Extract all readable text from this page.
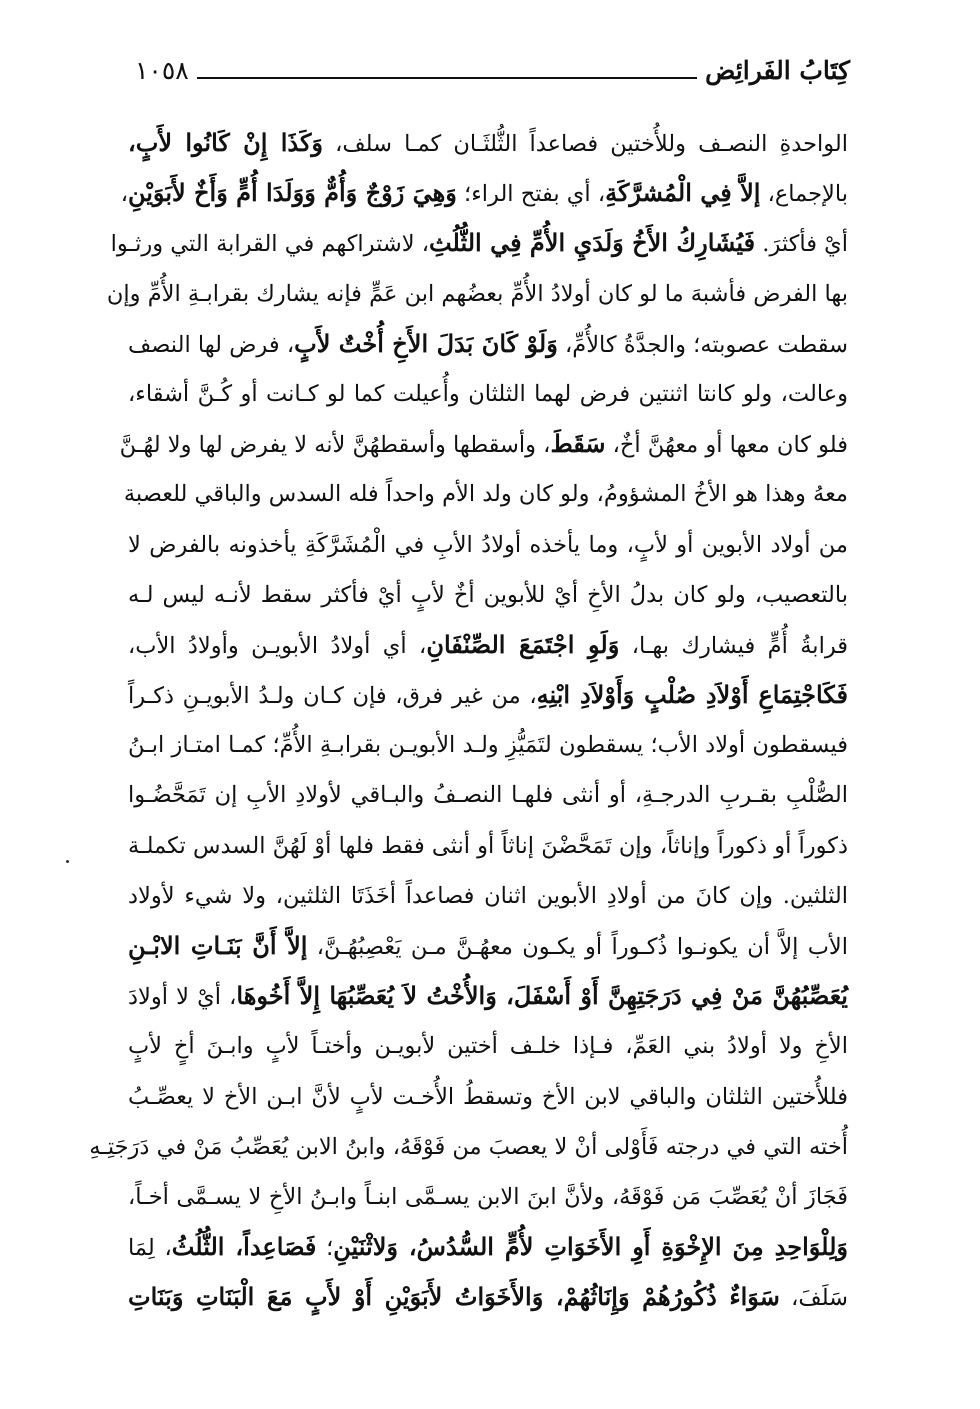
كِتَابُ الفَرائِض
١٠٥٨
الواحدةِ النصـف وللأُختين فصاعداً الثُّلثَـان كمـا سلف، وَكَذَا إِنْ كَانُوا لأَبٍ،
بالإجماع، إلاَّ فِي الْمُشرَّكَةِ، أي بفتح الراء؛ وَهِيَ زَوْجٌ وَأُمٌّ وَوَلَدَا أُمٍّ وَأَخٌ لأَبَوَيْنِ،
أيْ فأكثرَ. فَيُشَارِكُ الأَخُ وَلَدَيِ الأُمِّ فِي الثُّلُثِ، لاشتراكهم في القرابة التي ورثـوا
بها الفرض فأشبهَ ما لو كان أولادُ الأُمِّ بعضُهم ابن عَمٍّ فإنه يشارك بقرابـةِ الأُمِّ وإن
سقطت عصوبته؛ والجدَّةُ كالأُمِّ، وَلَوْ كَانَ بَدَلَ الأَخِ أُخْتٌ لأَبٍ، فرض لها النصف
وعالت، ولو كانتا اثنتين فرض لهما الثلثان وأُعيلت كما لو كـانت أو كُـنَّ أشقاء،
فلو كان معها أو معهُنَّ أخٌ، سَقَطَ، وأسقطها وأسقطهُنَّ لأنه لا يفرض لها ولا لهُـنَّ
معهُ وهذا هو الأخُ المشؤومُ، ولو كان ولد الأم واحداً فله السدس والباقي للعصبة
من أولاد الأبوين أو لأبٍ، وما يأخذه أولادُ الأبِ في الْمُشَرَّكَةِ يأخذونه بالفرض لا
بالتعصيب، ولو كان بدلُ الأخِ أيْ للأبوين أخٌ لأبٍ أيْ فأكثر سقط لأنـه ليس لـه
قرابةُ أُمٍّ فيشارك بهـا، وَلَوِ اجْتَمَعَ الصِّنْفَانِ، أي أولادُ الأبويـن وأولادُ الأب،
فَكَاجْتِمَاعِ أَوْلاَدِ صُلْبٍ وَأَوْلاَدِ ابْنِهِ، من غير فرق، فإن كـان ولـدُ الأبويـنِ ذكـراً
فيسقطون أولاد الأب؛ يسقطون لتَمَيُّزِ ولـد الأبويـن بقرابـةِ الأُمِّ؛ كمـا امتـاز ابـنُ
الصُّلْبِ بقـربِ الدرجـةِ، أو أنثى فلهـا النصـفُ والبـاقي لأولادِ الأبِ إن تَمَحَّضُـوا
ذكوراً أو ذكوراً وإناثاً، وإن تَمَحَّضْنَ إناثاً أو أنثى فقط فلها أوْ لَهُنَّ السدس تكملـة
الثلثين. وإن كانَ من أولادِ الأبوين اثنان فصاعداً أخَذَتَا الثلثين، ولا شيء لأولاد
الأب إلاَّ أن يكونـوا ذُكـوراً أو يكـون معهُـنَّ مـن يَعْصِبُهُـنَّ، إلاَّ أَنَّ بَنَـاتِ الابْـنِ
يُعَصِّبُهُنَّ مَنْ فِي دَرَجَتِهِنَّ أَوْ أَسْفَلَ، وَالأُخْتُ لاَ يُعَصِّبُهَا إِلاَّ أَخُوهَا، أيْ لا أولادَ
الأخِ ولا أولادُ بني العَمِّ، فـإذا خلـف أختين لأبويـن وأختـاً لأبٍ وابـنَ أخٍ لأبٍ
فللأُختين الثلثان والباقي لابن الأخ وتسقطُ الأُخـت لأبٍ لأنَّ ابـن الأخ لا يعصِّـبُ
أُخته التي في درجته فَأَوْلى أنْ لا يعصبَ من فَوْقَهُ، وابنُ الابن يُعَصِّبُ مَنْ في دَرَجَتِـهِ
فَجَازَ أنْ يُعَصِّبَ مَن فَوْقَهُ، ولأنَّ ابنَ الابن يسـمَّى ابنـاً وابـنُ الأخِ لا يسـمَّى أخـاً،
وَلِلْوَاحِدِ مِنَ الإِخْوَةِ أَوِ الأَخَوَاتِ لأُمٍّ السُّدُسُ، وَلاثْنَيْنِ؛ فَصَاعِداً، الثُّلُثُ، لِمَا
سَلَفَ، سَوَاءٌ ذُكُورُهُمْ وَإِنَاثُهُمْ، وَالأَخَوَاتُ لأَبَوَيْنِ أَوْ لأَبٍ مَعَ الْبَنَاتِ وَبَنَاتِ
